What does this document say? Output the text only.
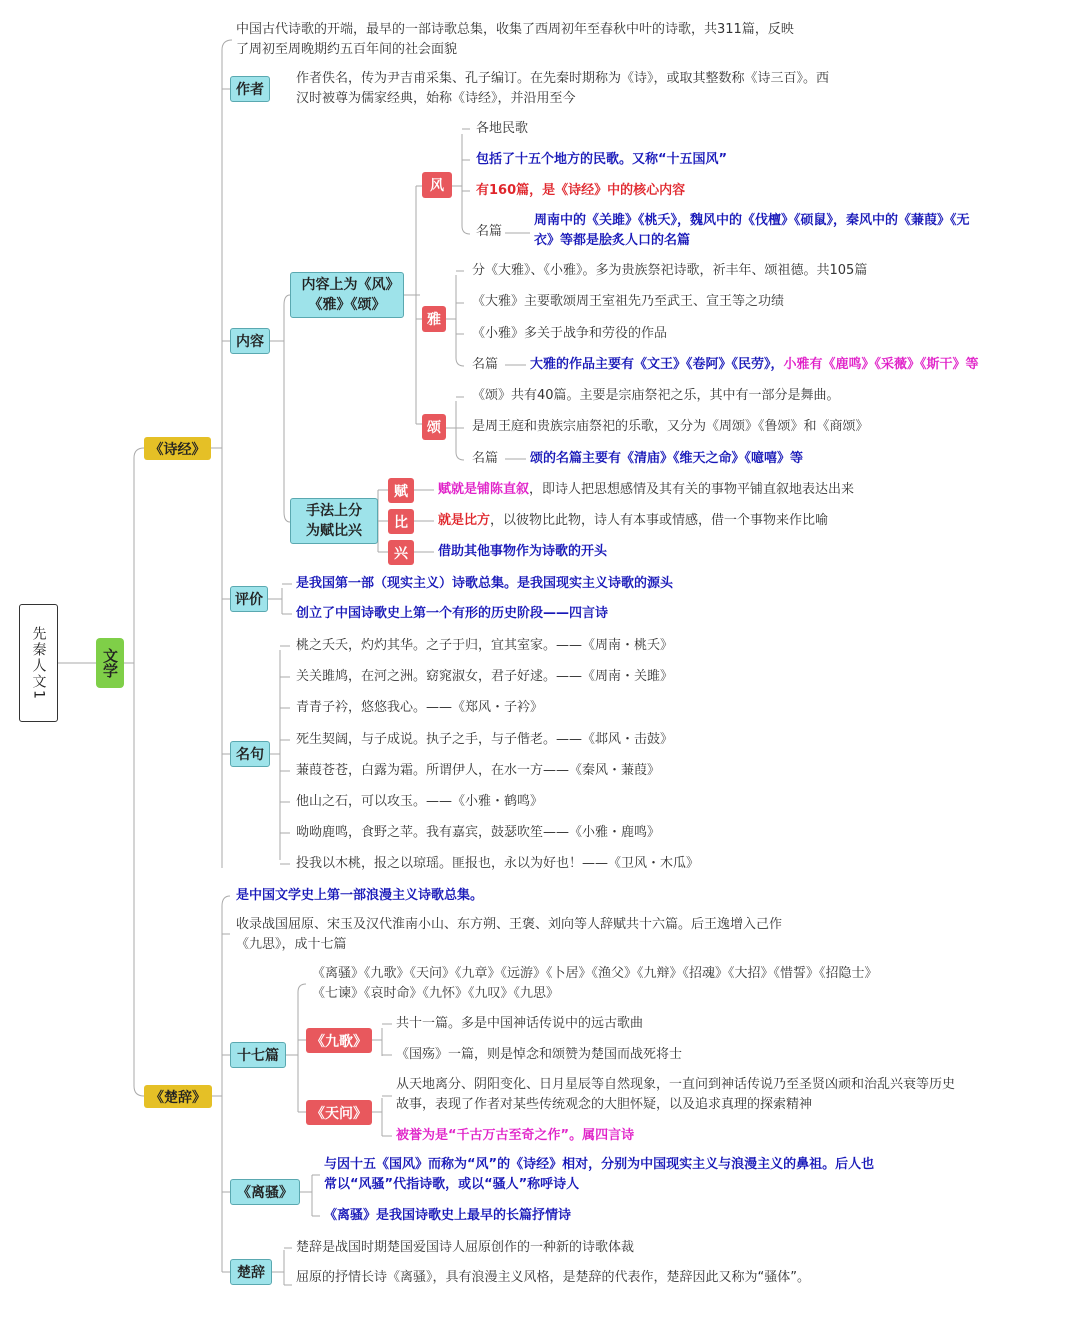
先秦人文1	文学
《诗经》
中国古代诗歌的开端，最早的一部诗歌总集，收集了西周初年至春秋中叶的诗歌，共311篇，反映了周初至周晚期约五百年间的社会面貌
作者
作者佚名，传为尹吉甫采集、孔子编订。在先秦时期称为《诗》，或取其整数称《诗三百》。西汉时被尊为儒家经典，始称《诗经》，并沿用至今
内容
内容上为《风》《雅》《颂》
风
各地民歌
包括了十五个地方的民歌。又称“十五国风”
有160篇，是《诗经》中的核心内容
名篇
周南中的《关雎》《桃夭》，魏风中的《伐檀》《硕鼠》，秦风中的《蒹葭》《无衣》等都是脍炙人口的名篇
雅
分《大雅》、《小雅》。多为贵族祭祀诗歌，祈丰年、颂祖德。共105篇
《大雅》主要歌颂周王室祖先乃至武王、宣王等之功绩
《小雅》多关于战争和劳役的作品
名篇 大雅的作品主要有《文王》《卷阿》《民劳》，小雅有《鹿鸣》《采薇》《斯干》等
颂
《颂》共有40篇。主要是宗庙祭祀之乐，其中有一部分是舞曲。
是周王庭和贵族宗庙祭祀的乐歌，又分为《周颂》《鲁颂》和《商颂》
名篇 颂的名篇主要有《清庙》《维天之命》《噫嘻》等
手法上分为赋比兴
赋
比
兴
赋就是铺陈直叙，即诗人把思想感情及其有关的事物平铺直叙地表达出来
就是比方，以彼物比此物，诗人有本事或情感，借一个事物来作比喻
借助其他事物作为诗歌的开头
评价
是我国第一部（现实主义）诗歌总集。是我国现实主义诗歌的源头
创立了中国诗歌史上第一个有形的历史阶段——四言诗
名句
桃之夭夭，灼灼其华。之子于归，宜其室家。——《周南・桃夭》
关关雎鸠，在河之洲。窈窕淑女，君子好逑。——《周南・关雎》
青青子衿，悠悠我心。——《郑风・子衿》
死生契阔，与子成说。执子之手，与子偕老。——《邶风・击鼓》
蒹葭苍苍，白露为霜。所谓伊人，在水一方——《秦风・蒹葭》
他山之石，可以攻玉。——《小雅・鹤鸣》
呦呦鹿鸣，食野之苹。我有嘉宾，鼓瑟吹笙——《小雅・鹿鸣》
投我以木桃，报之以琼瑶。匪报也，永以为好也！——《卫风・木瓜》
《楚辞》
是中国文学史上第一部浪漫主义诗歌总集。
收录战国屈原、宋玉及汉代淮南小山、东方朔、王褒、刘向等人辞赋共十六篇。后王逸增入己作《九思》，成十七篇
十七篇
《离骚》《九歌》《天问》《九章》《远游》《卜居》《渔父》《九辩》《招魂》《大招》《惜誓》《招隐士》《七谏》《哀时命》《九怀》《九叹》《九思》
《九歌》
共十一篇。多是中国神话传说中的远古歌曲
《国殇》一篇，则是悼念和颂赞为楚国而战死将士
《天问》
从天地离分、阴阳变化、日月星辰等自然现象，一直问到神话传说乃至圣贤凶顽和治乱兴衰等历史故事，表现了作者对某些传统观念的大胆怀疑，以及追求真理的探索精神
被誉为是“千古万古至奇之作”。属四言诗
《离骚》
与因十五《国风》而称为“风”的《诗经》相对，分别为中国现实主义与浪漫主义的鼻祖。后人也常以“风骚”代指诗歌，或以“骚人”称呼诗人
《离骚》是我国诗歌史上最早的长篇抒情诗
楚辞
楚辞是战国时期楚国爱国诗人屈原创作的一种新的诗歌体裁
屈原的抒情长诗《离骚》，具有浪漫主义风格，是楚辞的代表作，楚辞因此又称为“骚体”。
